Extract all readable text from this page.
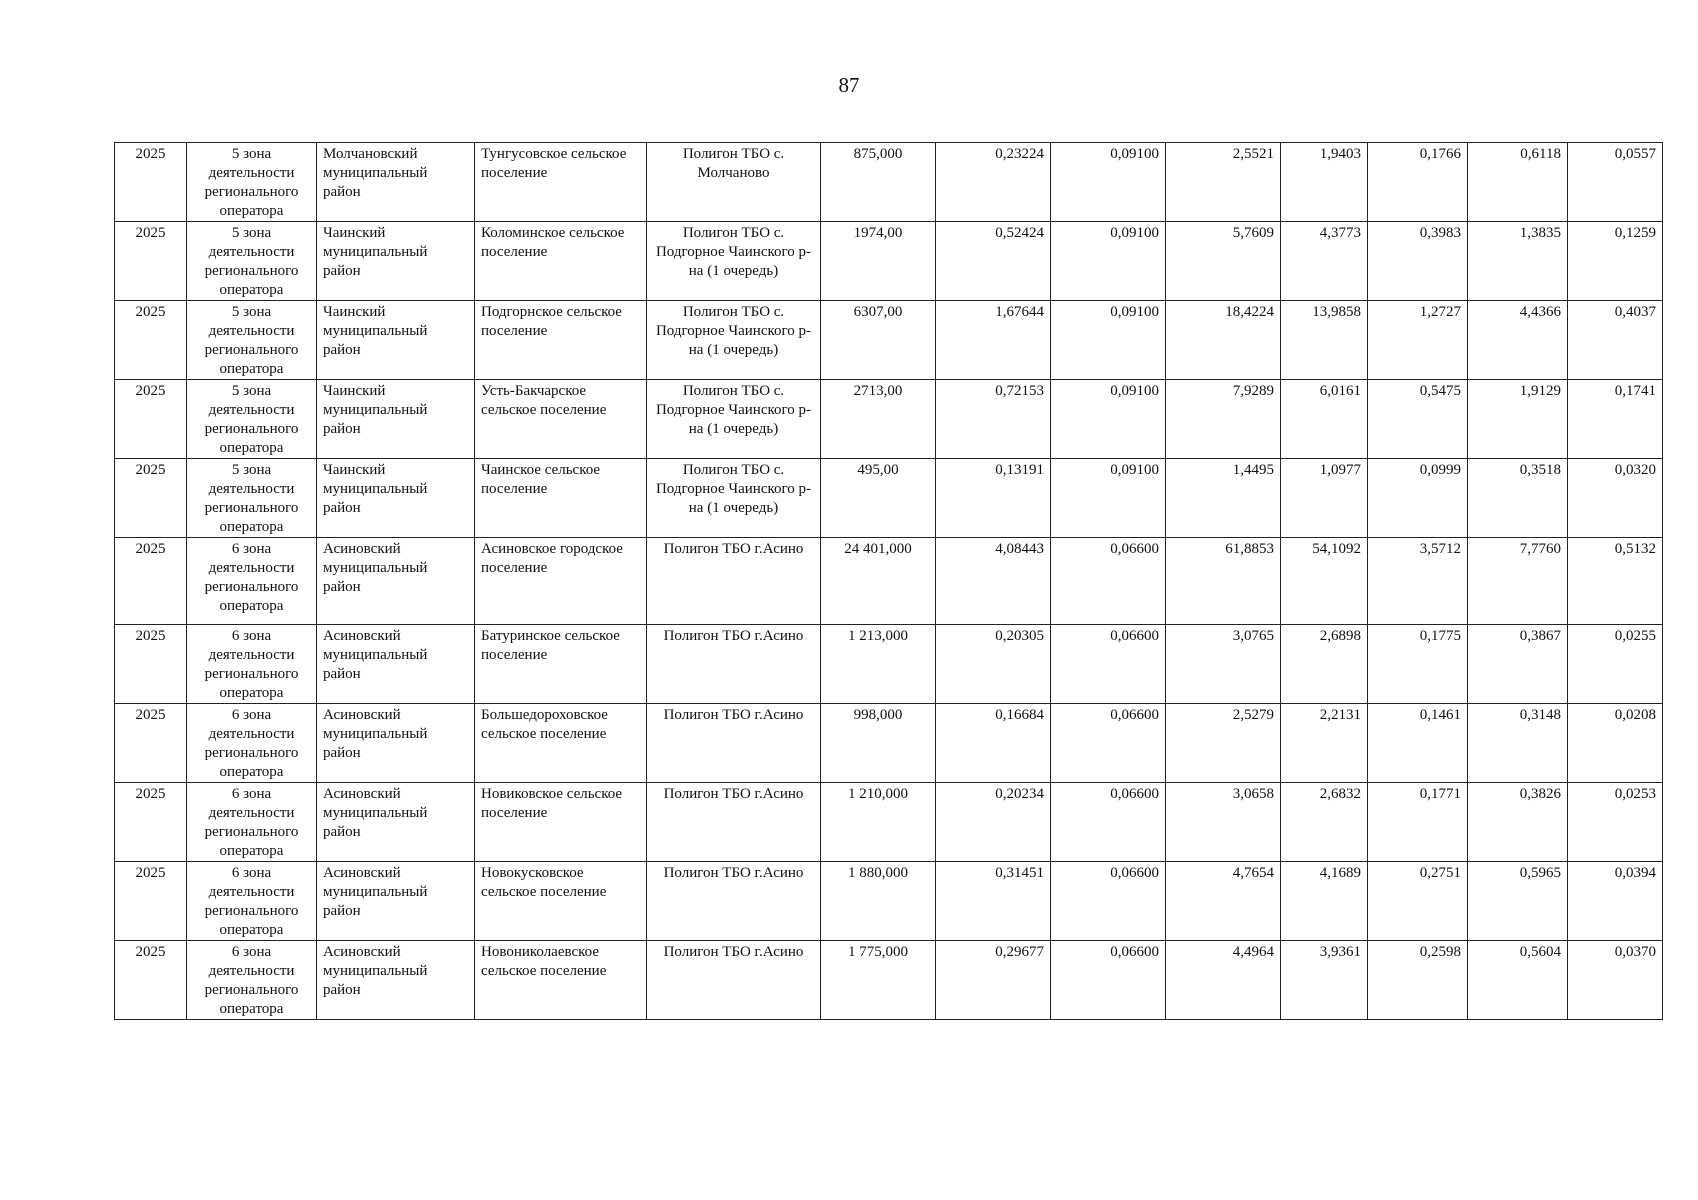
87
2025	5 зона деятельности регионального оператора	Молчановский муниципальный район	Тунгусовское сельское поселение	Полигон ТБО с. Молчаново	875,000	0,23224	0,09100	2,5521	1,9403	0,1766	0,6118	0,0557
2025	5 зона деятельности регионального оператора	Чаинский муниципальный район	Коломинское сельское поселение	Полигон ТБО с. Подгорное Чаинского р-на (1 очередь)	1974,00	0,52424	0,09100	5,7609	4,3773	0,3983	1,3835	0,1259
2025	5 зона деятельности регионального оператора	Чаинский муниципальный район	Подгорнское сельское поселение	Полигон ТБО с. Подгорное Чаинского р-на (1 очередь)	6307,00	1,67644	0,09100	18,4224	13,9858	1,2727	4,4366	0,4037
2025	5 зона деятельности регионального оператора	Чаинский муниципальный район	Усть-Бакчарское сельское поселение	Полигон ТБО с. Подгорное Чаинского р-на (1 очередь)	2713,00	0,72153	0,09100	7,9289	6,0161	0,5475	1,9129	0,1741
2025	5 зона деятельности регионального оператора	Чаинский муниципальный район	Чаинское сельское поселение	Полигон ТБО с. Подгорное Чаинского р-на (1 очередь)	495,00	0,13191	0,09100	1,4495	1,0977	0,0999	0,3518	0,0320
2025	6 зона деятельности регионального оператора	Асиновский муниципальный район	Асиновское городское поселение	Полигон ТБО г.Асино	24 401,000	4,08443	0,06600	61,8853	54,1092	3,5712	7,7760	0,5132
2025	6 зона деятельности регионального оператора	Асиновский муниципальный район	Батуринское сельское поселение	Полигон ТБО г.Асино	1 213,000	0,20305	0,06600	3,0765	2,6898	0,1775	0,3867	0,0255
2025	6 зона деятельности регионального оператора	Асиновский муниципальный район	Большедороховское сельское поселение	Полигон ТБО г.Асино	998,000	0,16684	0,06600	2,5279	2,2131	0,1461	0,3148	0,0208
2025	6 зона деятельности регионального оператора	Асиновский муниципальный район	Новиковское сельское поселение	Полигон ТБО г.Асино	1 210,000	0,20234	0,06600	3,0658	2,6832	0,1771	0,3826	0,0253
2025	6 зона деятельности регионального оператора	Асиновский муниципальный район	Новокусковское сельское поселение	Полигон ТБО г.Асино	1 880,000	0,31451	0,06600	4,7654	4,1689	0,2751	0,5965	0,0394
2025	6 зона деятельности регионального оператора	Асиновский муниципальный район	Новониколаевское сельское поселение	Полигон ТБО г.Асино	1 775,000	0,29677	0,06600	4,4964	3,9361	0,2598	0,5604	0,0370
